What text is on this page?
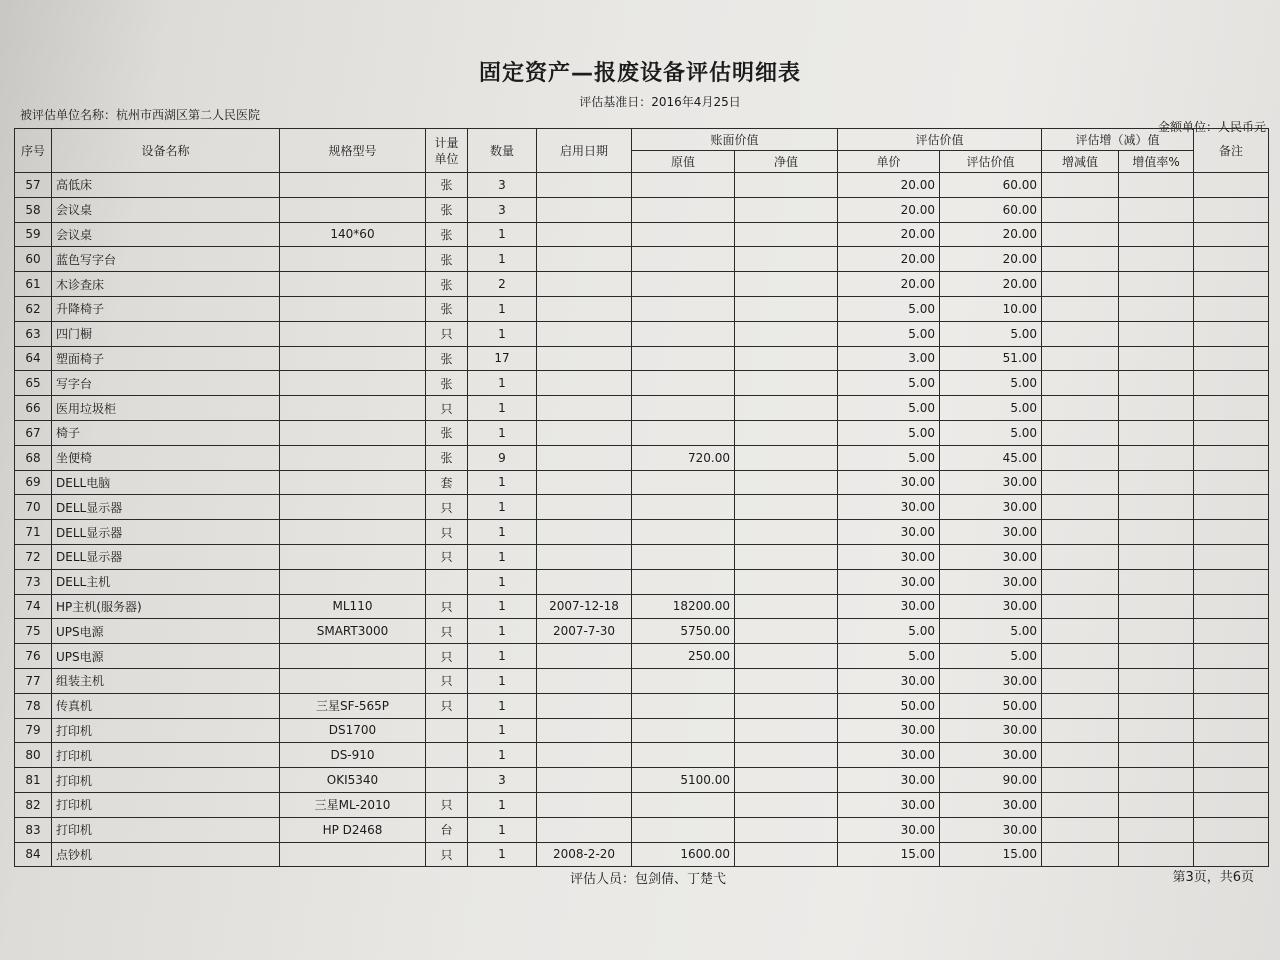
固定资产—报废设备评估明细表
评估基准日：2016年4月25日
被评估单位名称：杭州市西湖区第二人民医院
金额单位：人民币元
序号	设备名称	规格型号	计量单位	数量	启用日期	账面价值		评估价值		评估增（减）值		备注
						原值	净值	单价	评估价值	增减值	增值率%	
57	高低床		张	3				20.00	60.00			
58	会议桌		张	3				20.00	60.00			
59	会议桌	140*60	张	1				20.00	20.00			
60	蓝色写字台		张	1				20.00	20.00			
61	木诊查床		张	2				20.00	20.00			
62	升降椅子		张	1				5.00	10.00			
63	四门橱		只	1				5.00	5.00			
64	塑面椅子		张	17				3.00	51.00			
65	写字台		张	1				5.00	5.00			
66	医用垃圾柜		只	1				5.00	5.00			
67	椅子		张	1				5.00	5.00			
68	坐便椅		张	9		720.00		5.00	45.00			
69	DELL电脑		套	1				30.00	30.00			
70	DELL显示器		只	1				30.00	30.00			
71	DELL显示器		只	1				30.00	30.00			
72	DELL显示器		只	1				30.00	30.00			
73	DELL主机			1				30.00	30.00			
74	HP主机(服务器)	ML110	只	1	2007-12-18	18200.00		30.00	30.00			
75	UPS电源	SMART3000	只	1	2007-7-30	5750.00		5.00	5.00			
76	UPS电源		只	1		250.00		5.00	5.00			
77	组装主机		只	1				30.00	30.00			
78	传真机	三星SF-565P	只	1				50.00	50.00			
79	打印机	DS1700		1				30.00	30.00			
80	打印机	DS-910		1				30.00	30.00			
81	打印机	OKI5340		3		5100.00		30.00	90.00			
82	打印机	三星ML-2010	只	1				30.00	30.00			
83	打印机	HP D2468	台	1				30.00	30.00			
84	点钞机		只	1	2008-2-20	1600.00		15.00	15.00			
评估人员：包剑倩、丁楚弋	第3页，共6页
